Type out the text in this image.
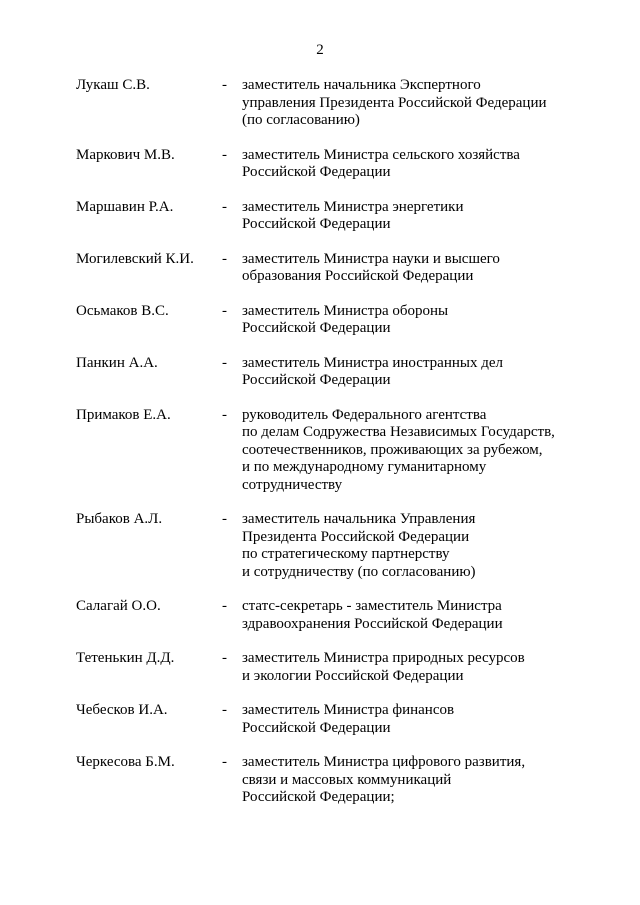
2
Лукаш С.В.	- заместитель начальника Экспертного
управления Президента Российской Федерации
(по согласованию)
Маркович М.В.	- заместитель Министра сельского хозяйства
Российской Федерации
Маршавин Р.А.	- заместитель Министра энергетики
Российской Федерации
Могилевский К.И. - заместитель Министра науки и высшего
образования Российской Федерации
Осьмаков В.С.	- заместитель Министра обороны
Российской Федерации
Панкин А.А.	- заместитель Министра иностранных дел
Российской Федерации
Примаков Е.А.	- руководитель Федерального агентства
по делам Содружества Независимых Государств,
соотечественников, проживающих за рубежом,
и по международному гуманитарному
сотрудничеству
Рыбаков А.Л.	- заместитель начальника Управления
Президента Российской Федерации
по стратегическому партнерству
и сотрудничеству (по согласованию)
Салагай О.О.	- статс-секретарь - заместитель Министра
здравоохранения Российской Федерации
Тетенькин Д.Д.	- заместитель Министра природных ресурсов
и экологии Российской Федерации
Чебесков И.А.	- заместитель Министра финансов
Российской Федерации
Черкесова Б.М.	- заместитель Министра цифрового развития,
связи и массовых коммуникаций
Российской Федерации;
